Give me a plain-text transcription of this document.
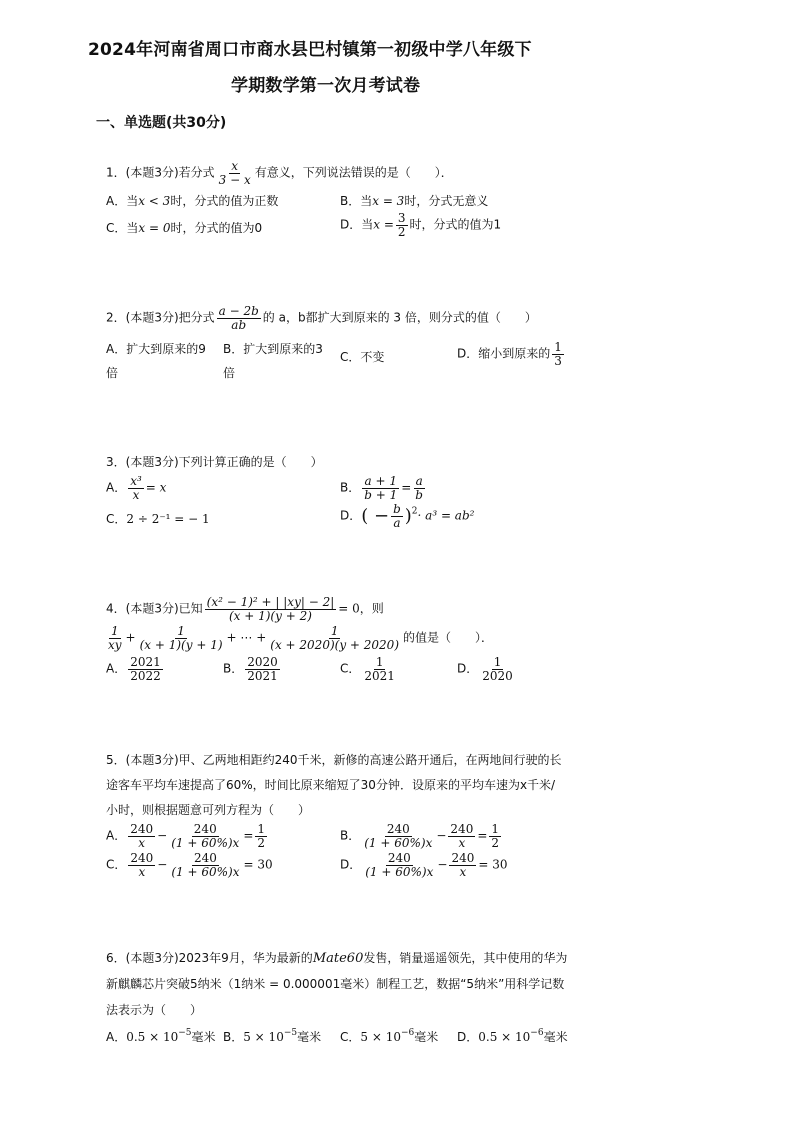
2024年河南省周口市商水县巴村镇第一初级中学八年级下
学期数学第一次月考试卷
一、单选题(共30分)
1．(本题3分)若分式 $\frac{x}{3 - x}$ 有意义，下列说法错误的是（　　）．
A．当x < 3时，分式的值为正数	B．当x = 3时，分式无意义
C．当x = 0时，分式的值为0	D．当$x = \frac{3}{2}$ 时，分式的值为1
2．(本题3分)把分式 $\frac{a - 2b}{ab}$ 的 a，b都扩大到原来的 3 倍，则分式的值（　　）
A．扩大到原来的9
倍
B．扩大到原来的3
倍
C．不变	D．缩小到原来的 $\frac{1}{3}$
3．(本题3分)下列计算正确的是（　　）
A． $\frac{\text{x³}}{x} = x$	B． $\frac{a + 1}{b + 1} = \frac{a}{b}$
C．2 ÷ 2⁻¹ = − 1	D．( − $\frac{b}{a} )^2\cdot a^3 = ab^2$
4．(本题3分)已知 $\frac{\text{(x² − 1)² + | |xy| − 2|}}{(x + 1)(y + 2)} = 0$，则
$\frac{1}{xy} + \frac{1}{(x + 1)(y + 1)}$ + ⋯ + $\frac{1}{(x + 2020)(y + 2020)}$ 的值是（　　）．
A． $\frac{2021}{2022}$	B． $\frac{2020}{2021}$	C． $\frac{1}{2021}$	D． $\frac{1}{2020}$
5．(本题3分)甲、乙两地相距约240千米，新修的高速公路开通后，在两地间行驶的长
途客车平均车速提高了60%，时间比原来缩短了30分钟．设原来的平均车速为x千米/
小时，则根据题意可列方程为（　　）
A． $\frac{240}{x} - \frac{240}{(1 + 60\%)x} = \frac{1}{2}$	B． $\frac{240}{(1 + 60\%)x} - \frac{240}{x} = \frac{1}{2}$
C． $\frac{240}{x} - \frac{240}{(1 + 60\%)x} = 30$	D． $\frac{240}{(1 + 60\%)x} - \frac{240}{x} = 30$
6．(本题3分)2023年9月，华为最新的Mate60发售，销量遥遥领先，其中使用的华为
新麒麟芯片突破5纳米（1纳米 = 0.000001毫米）制程工艺，数据“5纳米”用科学记数
法表示为（　　）
A．$0.5 \times 10^{-5}$毫米 B．$5 \times 10^{-5}$毫米 C．$5 \times 10^{-6}$毫米 D．$0.5 \times 10^{-6}$毫米
